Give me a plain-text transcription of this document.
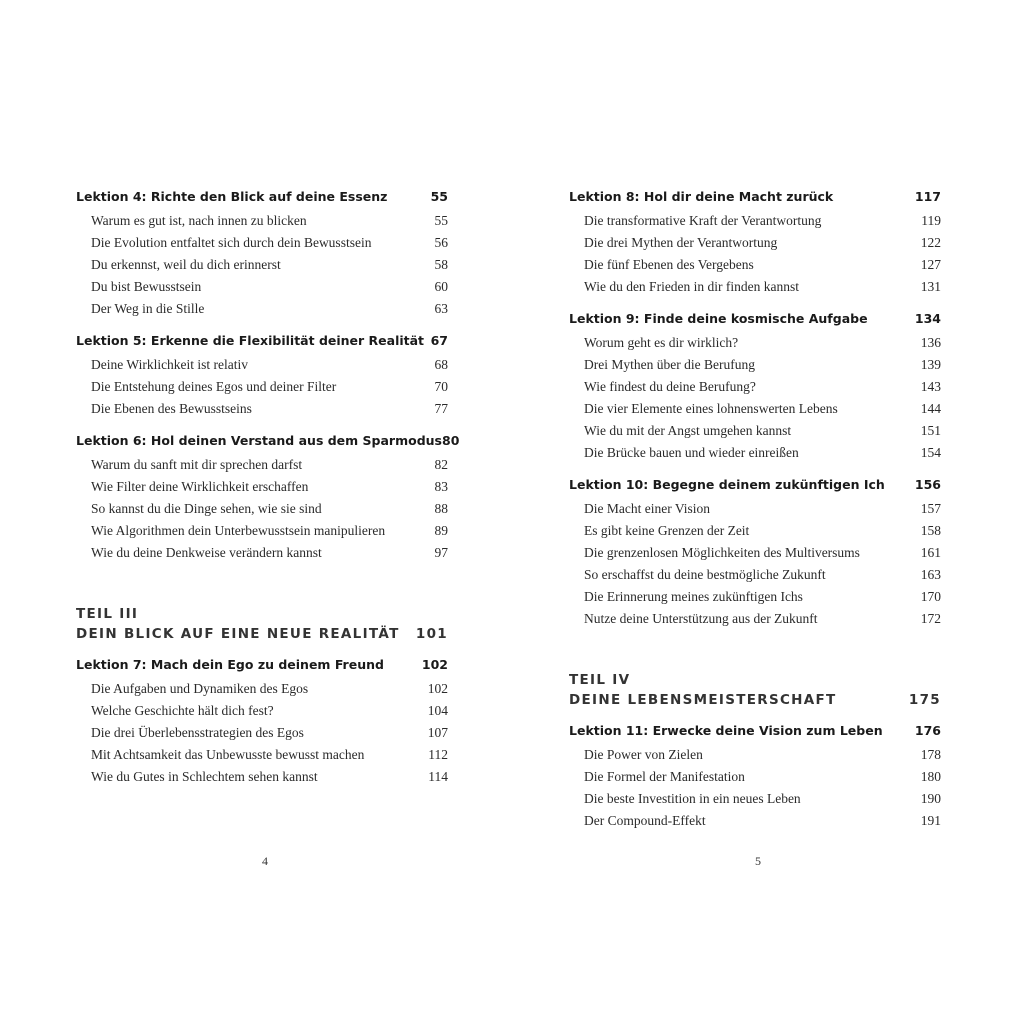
Lektion 4: Richte den Blick auf deine Essenz	55
Warum es gut ist, nach innen zu blicken	55
Die Evolution entfaltet sich durch dein Bewusstsein	56
Du erkennst, weil du dich erinnerst	58
Du bist Bewusstsein	60
Der Weg in die Stille	63
Lektion 5: Erkenne die Flexibilität deiner Realität 67
Deine Wirklichkeit ist relativ	68
Die Entstehung deines Egos und deiner Filter	70
Die Ebenen des Bewusstseins	77
Lektion 6: Hol deinen Verstand aus dem Sparmodus 80
Warum du sanft mit dir sprechen darfst	82
Wie Filter deine Wirklichkeit erschaffen	83
So kannst du die Dinge sehen, wie sie sind	88
Wie Algorithmen dein Unterbewusstsein manipulieren	89
Wie du deine Denkweise verändern kannst	97
TEIL III
DEIN BLICK AUF EINE NEUE REALITÄT 101
Lektion 7: Mach dein Ego zu deinem Freund	102
Die Aufgaben und Dynamiken des Egos	102
Welche Geschichte hält dich fest?	104
Die drei Überlebensstrategien des Egos	107
Mit Achtsamkeit das Unbewusste bewusst machen	112
Wie du Gutes in Schlechtem sehen kannst	114
Lektion 8: Hol dir deine Macht zurück	117
Die transformative Kraft der Verantwortung	119
Die drei Mythen der Verantwortung	122
Die fünf Ebenen des Vergebens	127
Wie du den Frieden in dir finden kannst	131
Lektion 9: Finde deine kosmische Aufgabe	134
Worum geht es dir wirklich?	136
Drei Mythen über die Berufung	139
Wie findest du deine Berufung?	143
Die vier Elemente eines lohnenswerten Lebens	144
Wie du mit der Angst umgehen kannst	151
Die Brücke bauen und wieder einreißen	154
Lektion 10: Begegne deinem zukünftigen Ich 156
Die Macht einer Vision	157
Es gibt keine Grenzen der Zeit	158
Die grenzenlosen Möglichkeiten des Multiversums	161
So erschaffst du deine bestmögliche Zukunft	163
Die Erinnerung meines zukünftigen Ichs	170
Nutze deine Unterstützung aus der Zukunft	172
TEIL IV
DEINE LEBENSMEISTERSCHAFT	175
Lektion 11: Erwecke deine Vision zum Leben	176
Die Power von Zielen	178
Die Formel der Manifestation	180
Die beste Investition in ein neues Leben	190
Der Compound-Effekt	191
4	5
